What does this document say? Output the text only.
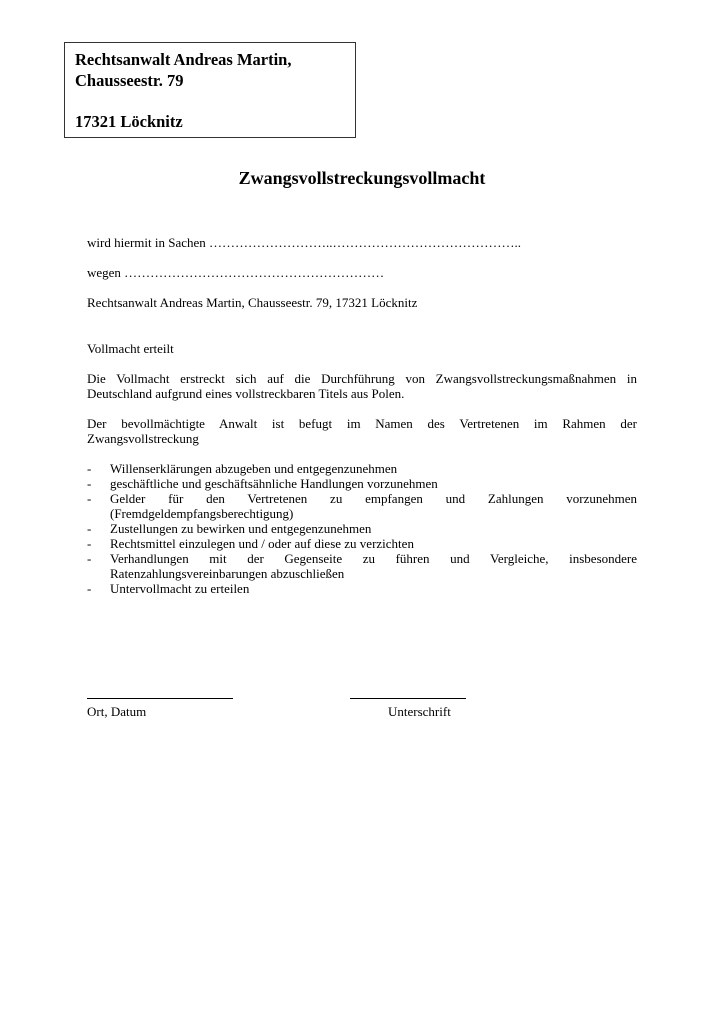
Rechtsanwalt Andreas Martin,
Chausseestr. 79
17321 Löcknitz
Zwangsvollstreckungsvollmacht
wird hiermit in Sachen ………………………..……………………………………..
wegen ……………………………………………………
Rechtsanwalt Andreas Martin, Chausseestr. 79, 17321 Löcknitz
Vollmacht erteilt
Die Vollmacht erstreckt sich auf die Durchführung von Zwangsvollstreckungsmaßnahmen in Deutschland aufgrund eines vollstreckbaren Titels aus Polen.
Der bevollmächtigte Anwalt ist befugt im Namen des Vertretenen im Rahmen der
Zwangsvollstreckung
- Willenserklärungen abzugeben und entgegenzunehmen
- geschäftliche und geschäftsähnliche Handlungen vorzunehmen
- Gelder für den Vertretenen zu empfangen und Zahlungen vorzunehmen
(Fremdgeldempfangsberechtigung)
- Zustellungen zu bewirken und entgegenzunehmen
- Rechtsmittel einzulegen und / oder auf diese zu verzichten
- Verhandlungen mit der Gegenseite zu führen und Vergleiche, insbesondere
Ratenzahlungsvereinbarungen abzuschließen
- Untervollmacht zu erteilen
Ort, Datum	Unterschrift
